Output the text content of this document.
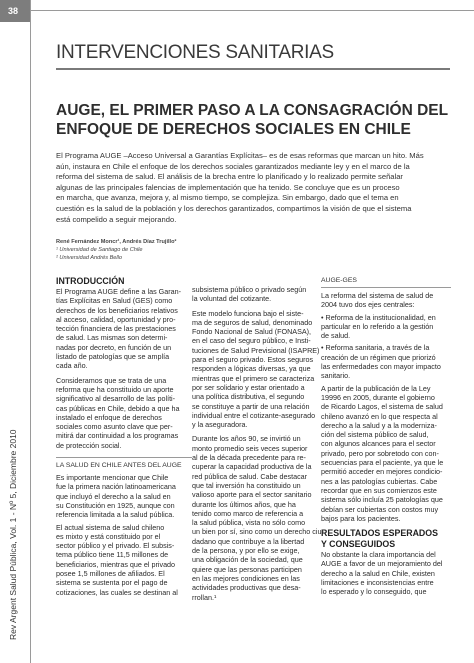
38
Rev Argent Salud Pública, Vol. 1 - Nº 5, Diciembre 2010
INTERVENCIONES SANITARIAS
AUGE, EL PRIMER PASO A LA CONSAGRACIÓN DEL
ENFOQUE DE DERECHOS SOCIALES EN CHILE
El Programa AUGE –Acceso Universal a Garantías Explícitas– es de esas reformas que marcan un hito. Más
aún, instaura en Chile el enfoque de los derechos sociales garantizados mediante ley y en el marco de la
reforma del sistema de salud. El análisis de la brecha entre lo planificado y lo realizado permite señalar
algunas de las principales falencias de implementación que ha tenido. Se concluye que es un proceso
en marcha, que avanza, mejora y, al mismo tiempo, se complejiza. Sin embargo, dado que el tema en
cuestión es la salud de la población y los derechos garantizados, compartimos la visión de que el sistema
está compelido a seguir mejorando.
René Fernández Moncr¹, Andrés Díaz Trujillo²
¹ Universidad de Santiago de Chile
² Universidad Andrés Bello
INTRODUCCIÓN
El Programa AUGE define a las Garan-
tías Explícitas en Salud (GES) como
derechos de los beneficiarios relativos
al acceso, calidad, oportunidad y pro-
tección financiera de las prestaciones
de salud. Las mismas son determi-
nadas por decreto, en función de un
listado de patologías que se amplía
cada año.
Consideramos que se trata de una
reforma que ha constituido un aporte
significativo al desarrollo de las políti-
cas públicas en Chile, debido a que ha
instalado el enfoque de derechos
sociales como asunto clave que per-
mitirá dar continuidad a los programas
de protección social.
LA SALUD EN CHILE ANTES DEL AUGE
Es importante mencionar que Chile
fue la primera nación latinoamericana
que incluyó el derecho a la salud en
su Constitución en 1925, aunque con
referencia limitada a la salud pública.
El actual sistema de salud chileno
es mixto y está constituido por el
sector público y el privado. El subsis-
tema público tiene 11,5 millones de
beneficiarios, mientras que el privado
posee 1,5 millones de afiliados. El
sistema se sustenta por el pago de
cotizaciones, las cuales se destinan al
subsistema público o privado según
la voluntad del cotizante.
Este modelo funciona bajo el siste-
ma de seguros de salud, denominado
Fondo Nacional de Salud (FONASA),
en el caso del seguro público, e Insti-
tuciones de Salud Previsional (ISAPRE)
para el seguro privado. Estos seguros
responden a lógicas diversas, ya que
mientras que el primero se caracteriza
por ser solidario y estar orientado a
una política distributiva, el segundo
se constituye a partir de una relación
individual entre el cotizante-asegurado
y la aseguradora.
Durante los años 90, se invirtió un
monto promedio seis veces superior
al de la década precedente para re-
cuperar la capacidad productiva de la
red pública de salud. Cabe destacar
que tal inversión ha constituido un
valioso aporte para el sector sanitario
durante los últimos años, que ha
tenido como marco de referencia a
la salud pública, vista no sólo como
un bien por sí, sino como un derecho ciu-
dadano que contribuye a la libertad
de la persona, y por ello se exige,
una obligación de la sociedad, que
quiere que las personas participen
en las mejores condiciones en las
actividades productivas que desa-
rrollan.¹
AUGE-GES
La reforma del sistema de salud de
2004 tuvo dos ejes centrales:
• Reforma de la institucionalidad, en
particular en lo referido a la gestión
de salud.
• Reforma sanitaria, a través de la
creación de un régimen que priorizó
las enfermedades con mayor impacto
sanitario.
A partir de la publicación de la Ley
19996 en 2005, durante el gobierno
de Ricardo Lagos, el sistema de salud
chileno avanzó en lo que respecta al
derecho a la salud y a la moderniza-
ción del sistema público de salud,
con algunos alcances para el sector
privado, pero por sobretodo con con-
secuencias para el paciente, ya que le
permitió acceder en mejores condicio-
nes a las patologías cubiertas. Cabe
recordar que en sus comienzos este
sistema sólo incluía 25 patologías que
debían ser cubiertas con costos muy
bajos para los pacientes.
RESULTADOS ESPERADOS
Y CONSEGUIDOS
No obstante la clara importancia del
AUGE a favor de un mejoramiento del
derecho a la salud en Chile, existen
limitaciones e inconsistencias entre
lo esperado y lo conseguido, que
